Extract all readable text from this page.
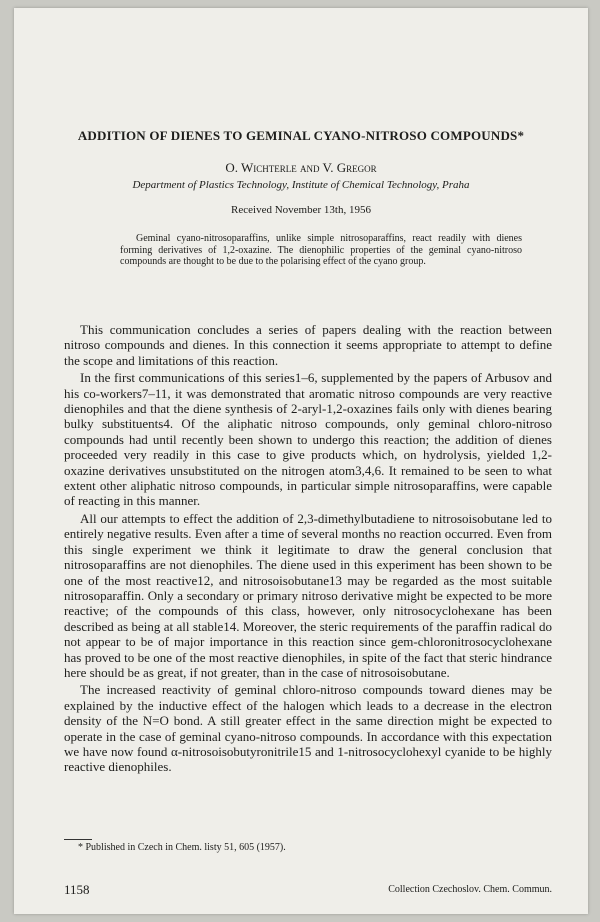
ADDITION OF DIENES TO GEMINAL CYANO-NITROSO COMPOUNDS*
O. Wichterle and V. Gregor
Department of Plastics Technology, Institute of Chemical Technology, Praha
Received November 13th, 1956
Geminal cyano-nitrosoparaffins, unlike simple nitrosoparaffins, react readily with dienes forming derivatives of 1,2-oxazine. The dienophilic properties of the geminal cyano-nitroso compounds are thought to be due to the polarising effect of the cyano group.

This communication concludes a series of papers dealing with the reaction between nitroso compounds and dienes. In this connection it seems appropriate to attempt to define the scope and limitations of this reaction.

In the first communications of this series1–6, supplemented by the papers of Arbusov and his co-workers7–11, it was demonstrated that aromatic nitroso compounds are very reactive dienophiles and that the diene synthesis of 2-aryl-1,2-oxazines fails only with dienes bearing bulky substituents4. Of the aliphatic nitroso compounds, only geminal chloro-nitroso compounds had until recently been shown to undergo this reaction; the addition of dienes proceeded very readily in this case to give products which, on hydrolysis, yielded 1,2-oxazine derivatives unsubstituted on the nitrogen atom3,4,6. It remained to be seen to what extent other aliphatic nitroso compounds, in particular simple nitrosoparaffins, were capable of reacting in this manner.

All our attempts to effect the addition of 2,3-dimethylbutadiene to nitrosoisobutane led to entirely negative results. Even after a time of several months no reaction occurred. Even from this single experiment we think it legitimate to draw the general conclusion that nitrosoparaffins are not dienophiles. The diene used in this experiment has been shown to be one of the most reactive12, and nitrosoisobutane13 may be regarded as the most suitable nitrosoparaffin. Only a secondary or primary nitroso derivative might be expected to be more reactive; of the compounds of this class, however, only nitrosocyclohexane has been described as being at all stable14. Moreover, the steric requirements of the paraffin radical do not appear to be of major importance in this reaction since gem-chloronitrosocyclohexane has proved to be one of the most reactive dienophiles, in spite of the fact that steric hindrance here should be as great, if not greater, than in the case of nitrosoisobutane.

The increased reactivity of geminal chloro-nitroso compounds toward dienes may be explained by the inductive effect of the halogen which leads to a decrease in the electron density of the N=O bond. A still greater effect in the same direction might be expected to operate in the case of geminal cyano-nitroso compounds. In accordance with this expectation we have now found α-nitrosoisobutyronitrile15 and 1-nitrosocyclohexyl cyanide to be highly reactive dienophiles.

* Published in Czech in Chem. listy 51, 605 (1957).
1158	Collection Czechoslov. Chem. Commun.
